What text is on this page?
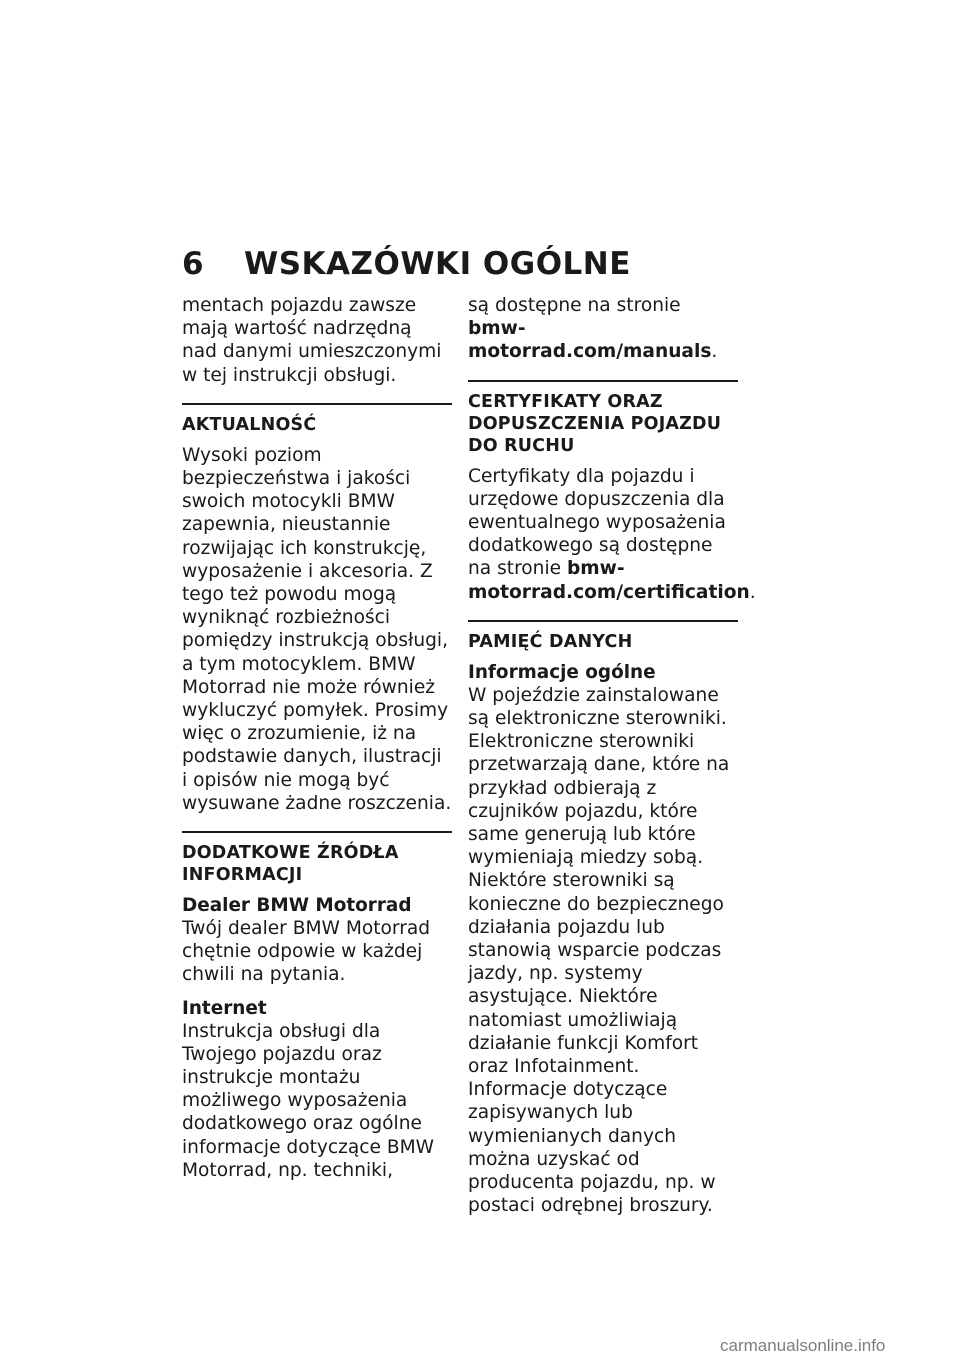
6 WSKAZÓWKI OGÓLNE

mentach pojazdu zawsze mają wartość nadrzędną nad danymi umieszczonymi w tej instrukcji obsługi.

AKTUALNOŚĆ

Wysoki poziom bezpieczeństwa i jakości swoich motocykli BMW zapewnia, nieustannie rozwijając ich konstrukcję, wyposażenie i akcesoria. Z tego też powodu mogą wyniknąć rozbieżności pomiędzy instrukcją obsługi, a tym motocyklem. BMW Motorrad nie może również wykluczyć pomyłek. Prosimy więc o zrozumienie, iż na podstawie danych, ilustracji i opisów nie mogą być wysuwane żadne roszczenia.

DODATKOWE ŹRÓDŁA INFORMACJI
Dealer BMW Motorrad

Twój dealer BMW Motorrad chętnie odpowie w każdej chwili na pytania.

Internet

Instrukcja obsługi dla Twojego pojazdu oraz instrukcje montażu możliwego wyposażenia dodatkowego oraz ogólne informacje dotyczące BMW Motorrad, np. techniki,

są dostępne na stronie bmw-motorrad.com/manuals.

CERTYFIKATY ORAZ DOPUSZCZENIA POJAZDU DO RUCHU

Certyfikaty dla pojazdu i urzędowe dopuszczenia dla ewentualnego wyposażenia dodatkowego są dostępne na stronie bmw-motorrad.com/certification.

PAMIĘĆ DANYCH
Informacje ogólne

W pojeździe zainstalowane są elektroniczne sterowniki. Elektroniczne sterowniki przetwarzają dane, które na przykład odbierają z czujników pojazdu, które same generują lub które wymieniają miedzy sobą. Niektóre sterowniki są konieczne do bezpiecznego działania pojazdu lub stanowią wsparcie podczas jazdy, np. systemy asystujące. Niektóre natomiast umożliwiają działanie funkcji Komfort oraz Infotainment. Informacje dotyczące zapisywanych lub wymienianych danych można uzyskać od producenta pojazdu, np. w postaci odrębnej broszury.

carmanualsonline.info
